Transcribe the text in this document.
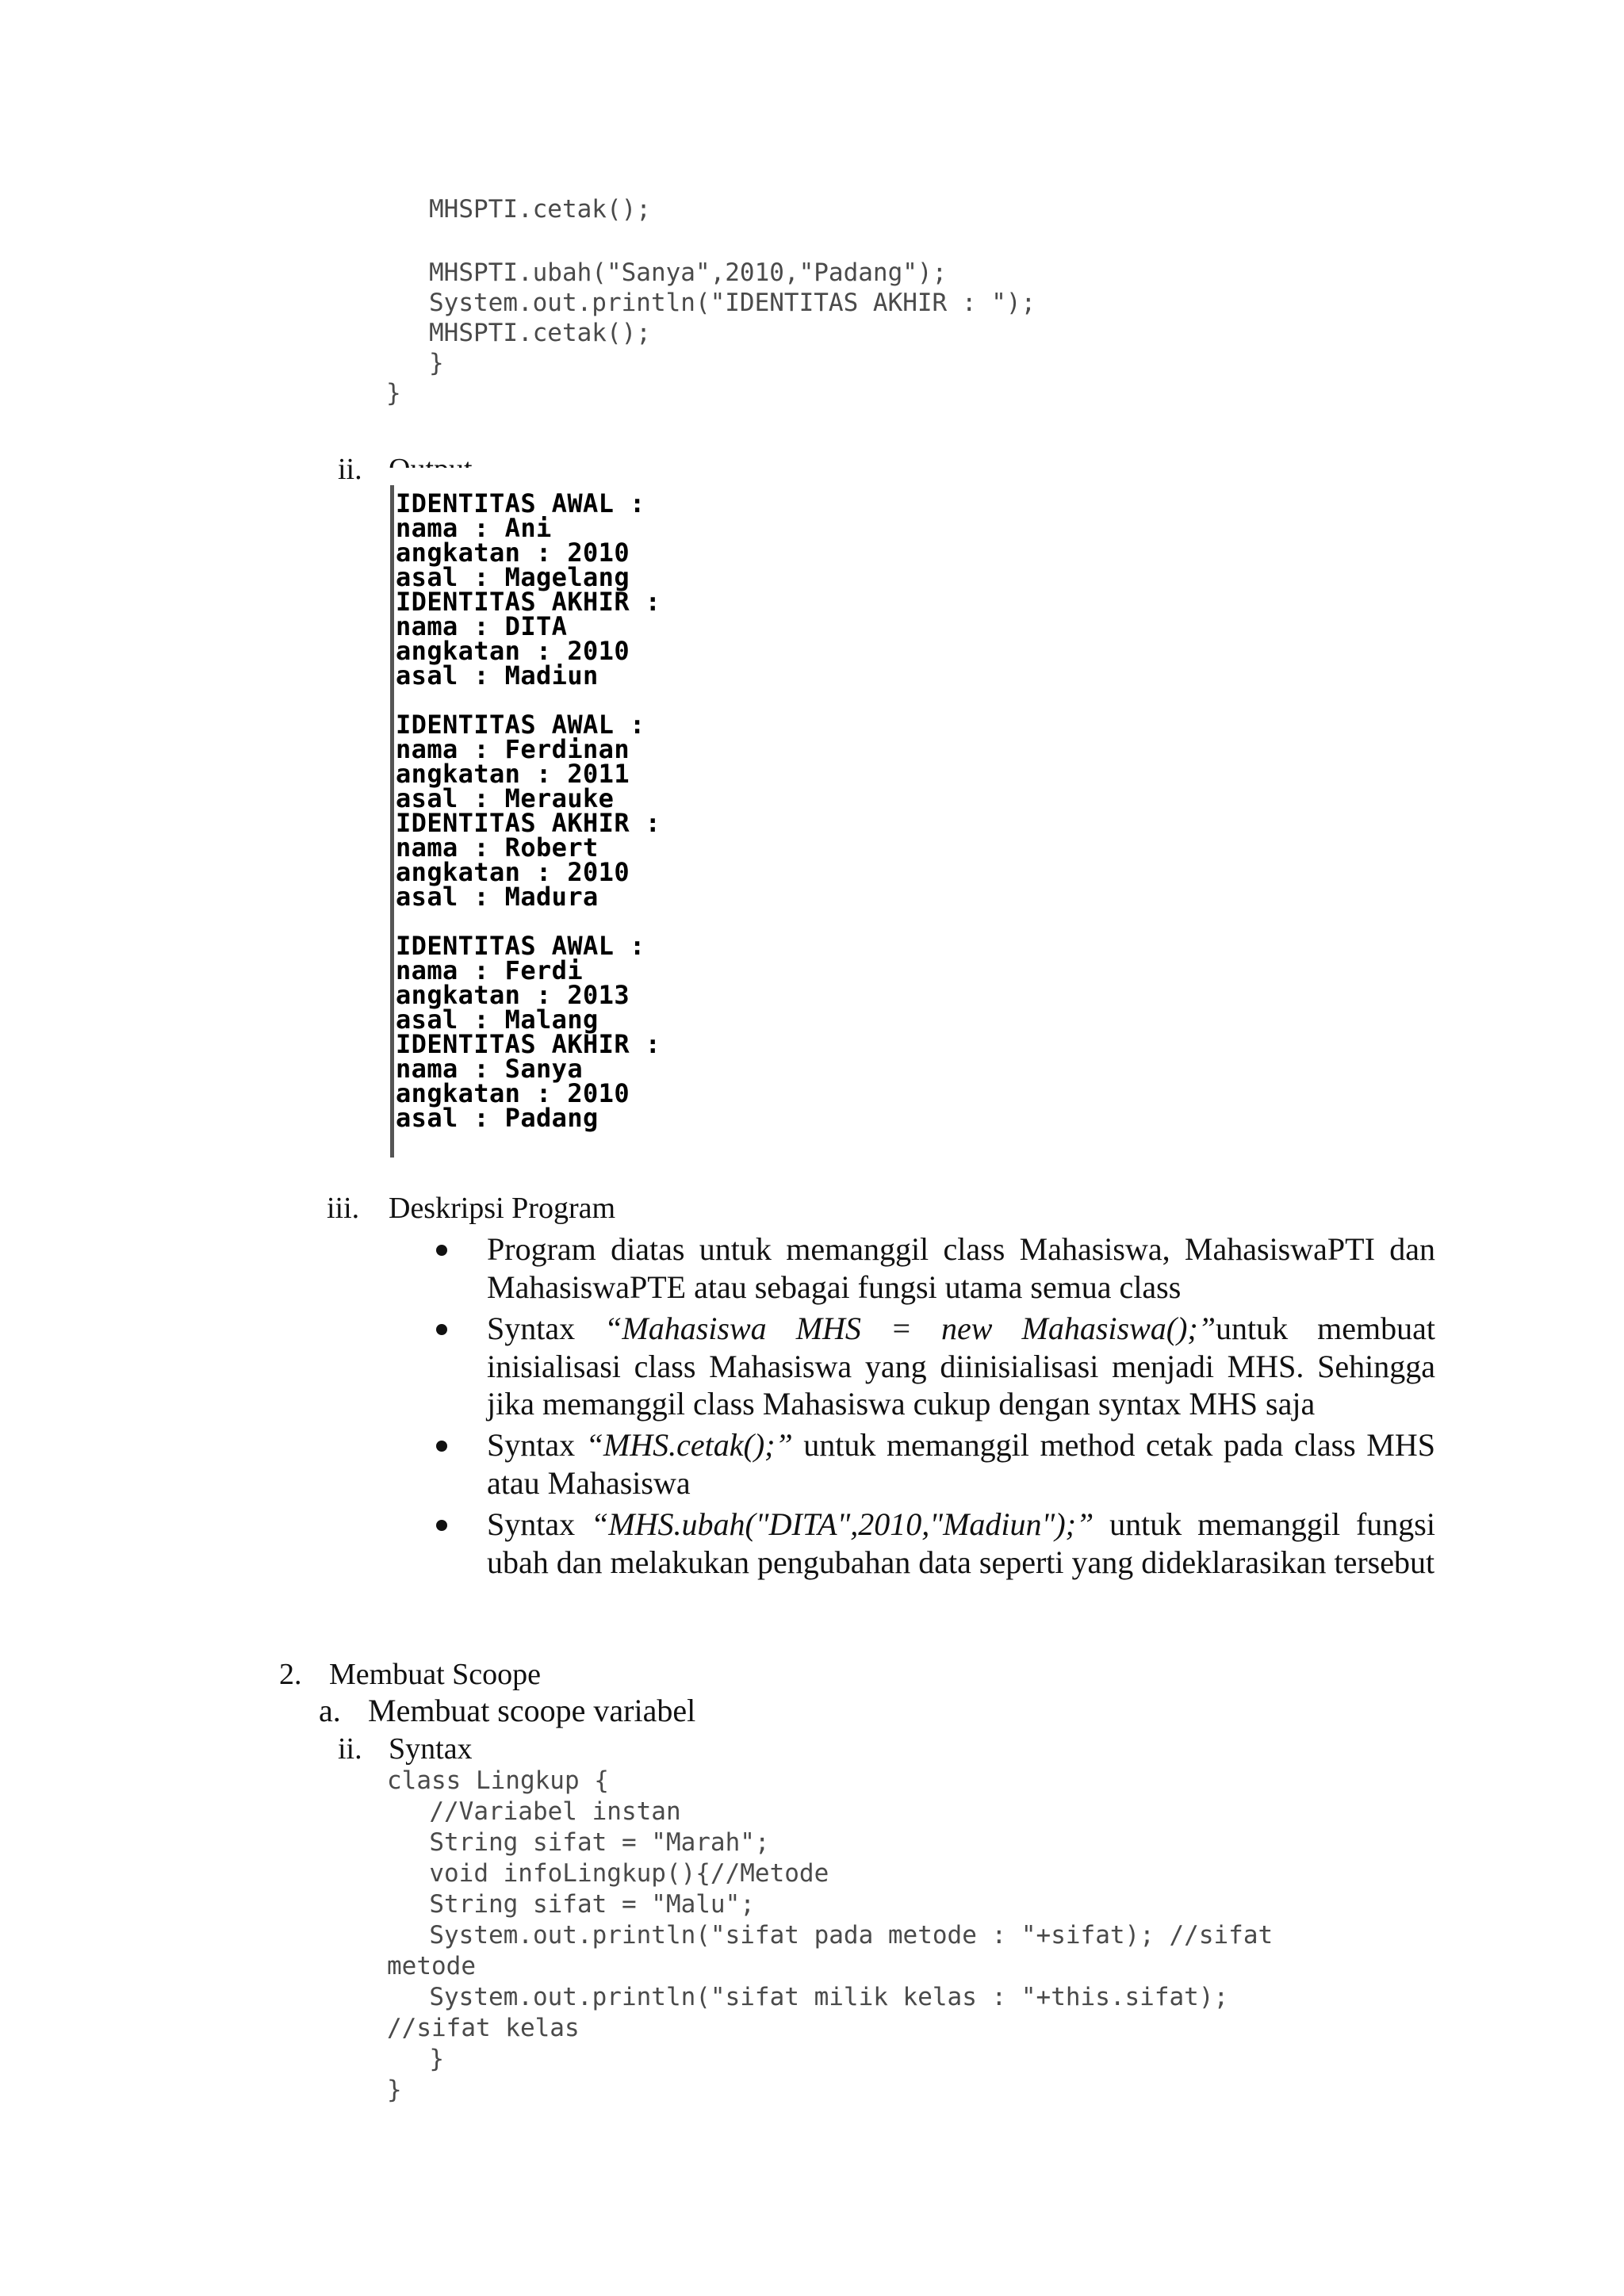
MHSPTI.cetak();
MHSPTI.ubah("Sanya",2010,"Padang");
System.out.println("IDENTITAS AKHIR : ");
MHSPTI.cetak();
}
}
ii.
IDENTITAS AWAL :
nama : Ani
angkatan : 2010
asal : Magelang
IDENTITAS AKHIR :
nama : DITA
angkatan : 2010
asal : Madiun
IDENTITAS AWAL :
nama : Ferdinan
angkatan : 2011
asal : Merauke
IDENTITAS AKHIR :
nama : Robert
angkatan : 2010
asal : Madura
IDENTITAS AWAL :
nama : Ferdi
angkatan : 2013
asal : Malang
IDENTITAS AKHIR :
nama : Sanya
angkatan : 2010
asal : Padang
iii. Deskripsi Program
Program diatas untuk memanggil class Mahasiswa, MahasiswaPTI dan MahasiswaPTE atau sebagai fungsi utama semua class
Syntax “Mahasiswa MHS = new Mahasiswa();”untuk membuat inisialisasi class Mahasiswa yang diinisialisasi menjadi MHS. Sehingga jika memanggil class Mahasiswa cukup dengan syntax MHS saja
Syntax “MHS.cetak();” untuk memanggil method cetak pada class MHS atau Mahasiswa
Syntax “MHS.ubah("DITA",2010,"Madiun");” untuk memanggil fungsi ubah dan melakukan pengubahan data seperti yang dideklarasikan tersebut
2. Membuat Scoope
a. Membuat scoope variabel
ii. Syntax
class Lingkup {
//Variabel instan
String sifat = "Marah";
void infoLingkup(){//Metode
String sifat = "Malu";
System.out.println("sifat pada metode : "+sifat); //sifat
metode
System.out.println("sifat milik kelas : "+this.sifat);
//sifat kelas
}
}
